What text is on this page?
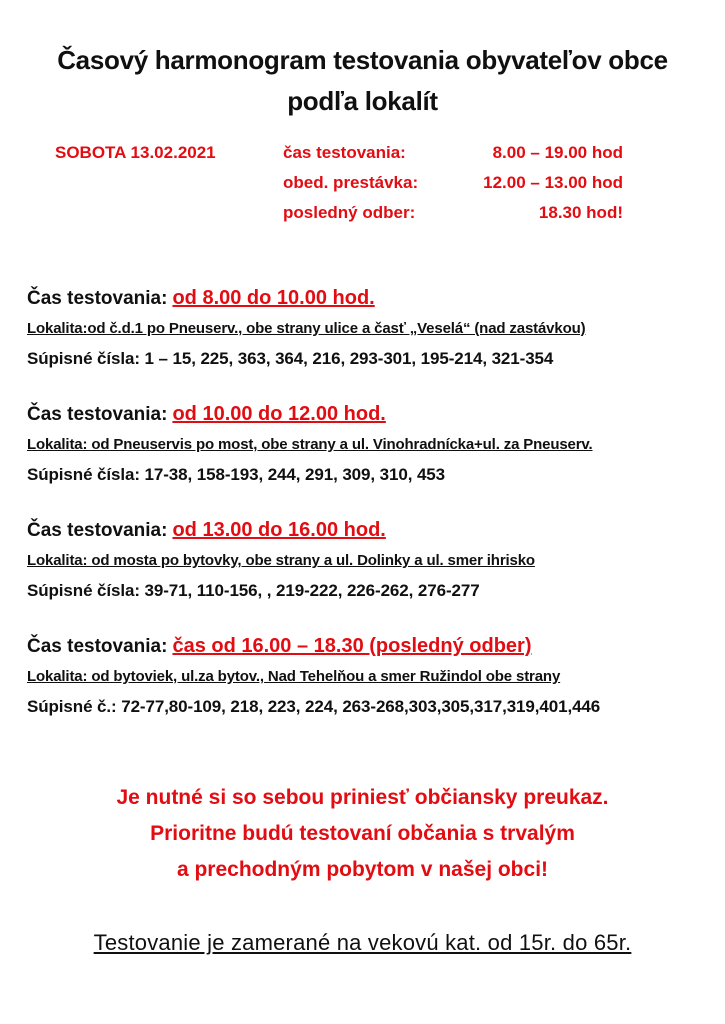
Časový harmonogram testovania obyvateľov obce podľa lokalít
SOBOTA 13.02.2021	čas testovania:	8.00 – 19.00 hod
obed. prestávka:	12.00 – 13.00 hod
posledný odber:	18.30 hod!
Čas testovania: od 8.00 do 10.00 hod.
Lokalita:od č.d.1 po Pneuserv., obe strany ulice a časť „Veselá“ (nad zastávkou)
Súpisné čísla: 1 – 15, 225, 363, 364, 216, 293-301, 195-214, 321-354
Čas testovania: od 10.00 do 12.00 hod.
Lokalita: od Pneuservis po most, obe strany a ul. Vinohradnícka+ul. za Pneuserv.
Súpisné čísla: 17-38, 158-193, 244, 291, 309, 310, 453
Čas testovania: od 13.00 do 16.00 hod.
Lokalita: od mosta po bytovky, obe strany a ul. Dolinky a ul. smer ihrisko
Súpisné čísla: 39-71, 110-156, , 219-222, 226-262, 276-277
Čas testovania: čas od 16.00 – 18.30 (posledný odber)
Lokalita: od bytoviek, ul.za bytov., Nad Tehelňou a smer Ružindol obe strany
Súpisné č.: 72-77,80-109, 218, 223, 224, 263-268,303,305,317,319,401,446
Je nutné si so sebou priniesť občiansky preukaz.
Prioritne budú testovaní občania s trvalým
a prechodným pobytom v našej obci!
Testovanie je zamerané na vekovú kat. od 15r. do 65r.
